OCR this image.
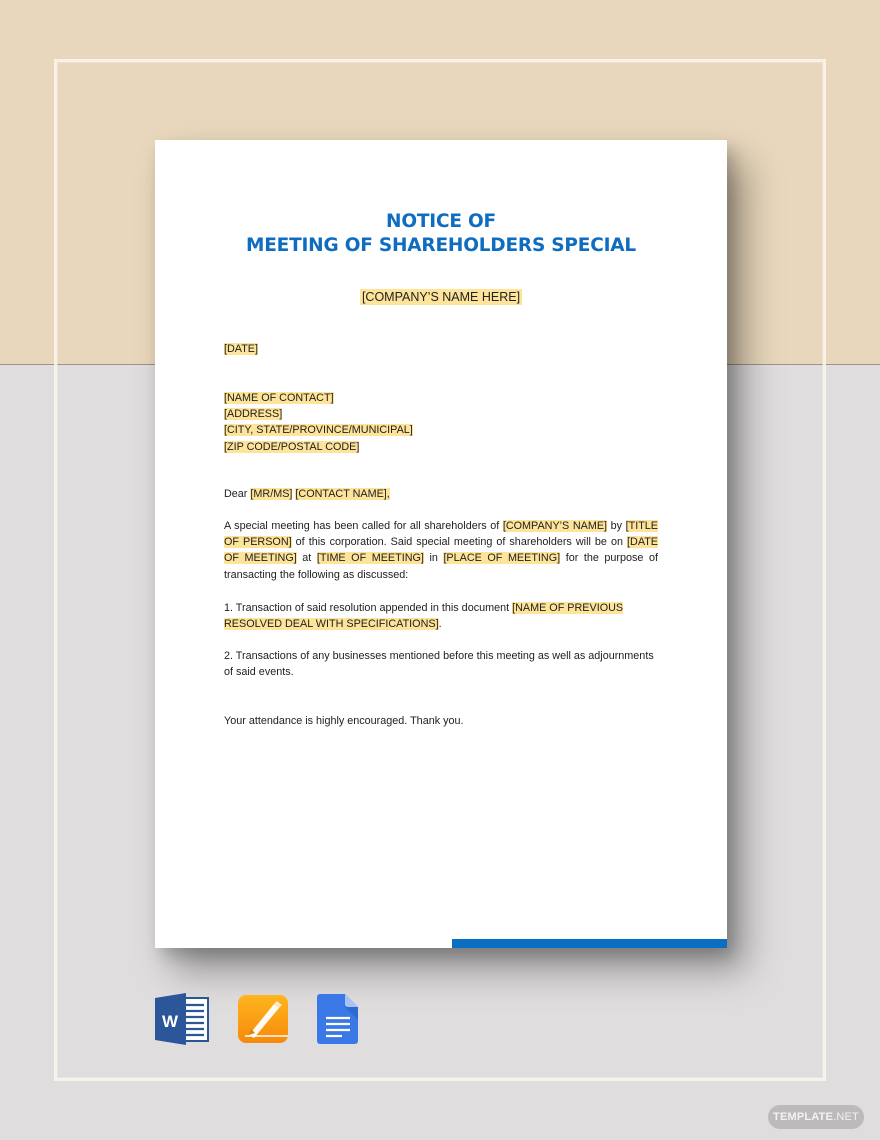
NOTICE OF
MEETING OF SHAREHOLDERS SPECIAL
[COMPANY’S NAME HERE]
[DATE]
[NAME OF CONTACT]
[ADDRESS]
[CITY, STATE/PROVINCE/MUNICIPAL]
[ZIP CODE/POSTAL CODE]
Dear [MR/MS] [CONTACT NAME],
A special meeting has been called for all shareholders of [COMPANY’S NAME] by [TITLE OF PERSON] of this corporation. Said special meeting of shareholders will be on [DATE OF MEETING] at [TIME OF MEETING] in [PLACE OF MEETING] for the purpose of transacting the following as discussed:
1. Transaction of said resolution appended in this document [NAME OF PREVIOUS RESOLVED DEAL WITH SPECIFICATIONS].
2. Transactions of any businesses mentioned before this meeting as well as adjournments of said events.
Your attendance is highly encouraged. Thank you.
W
TEMPLATE.NET
